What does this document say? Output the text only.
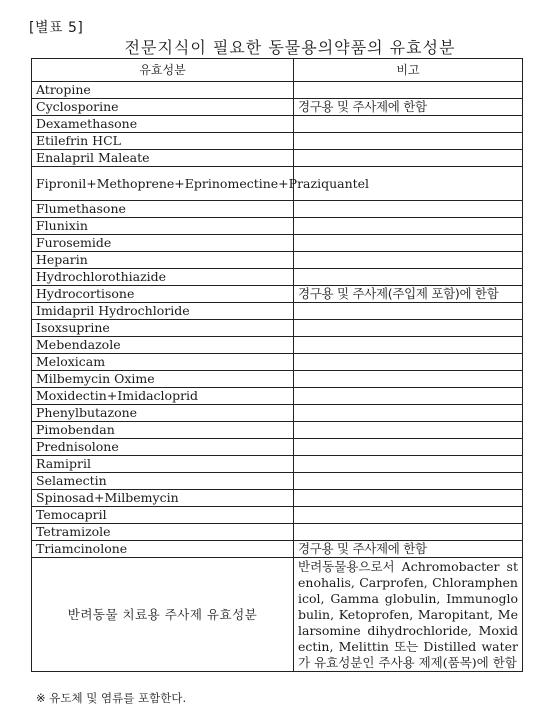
[별표 5]
전문지식이 필요한 동물용의약품의 유효성분
유효성분	비고
Atropine	
Cyclosporine	경구용 및 주사제에 한함
Dexamethasone	
Etilefrin HCL	
Enalapril Maleate	
Fipronil+Methoprene+Eprinomectine+Praziquantel	
Flumethasone	
Flunixin	
Furosemide	
Heparin	
Hydrochlorothiazide	
Hydrocortisone	경구용 및 주사제(주입제 포함)에 한함
Imidapril Hydrochloride	
Isoxsuprine	
Mebendazole	
Meloxicam	
Milbemycin Oxime	
Moxidectin+Imidacloprid	
Phenylbutazone	
Pimobendan	
Prednisolone	
Ramipril	
Selamectin	
Spinosad+Milbemycin	
Temocapril	
Tetramizole	
Triamcinolone	경구용 및 주사제에 한함
반려동물 치료용 주사제 유효성분	반려동물용으로서 Achromobacter stenohalis, Carprofen, Chloramphenicol, Gamma globulin, Immunoglobulin, Ketoprofen, Maropitant, Melarsomine dihydrochloride, Moxidectin, Melittin 또는 Distilled water가 유효성분인 주사용 제제(품목)에 한함
※ 유도체 및 염류를 포함한다.
